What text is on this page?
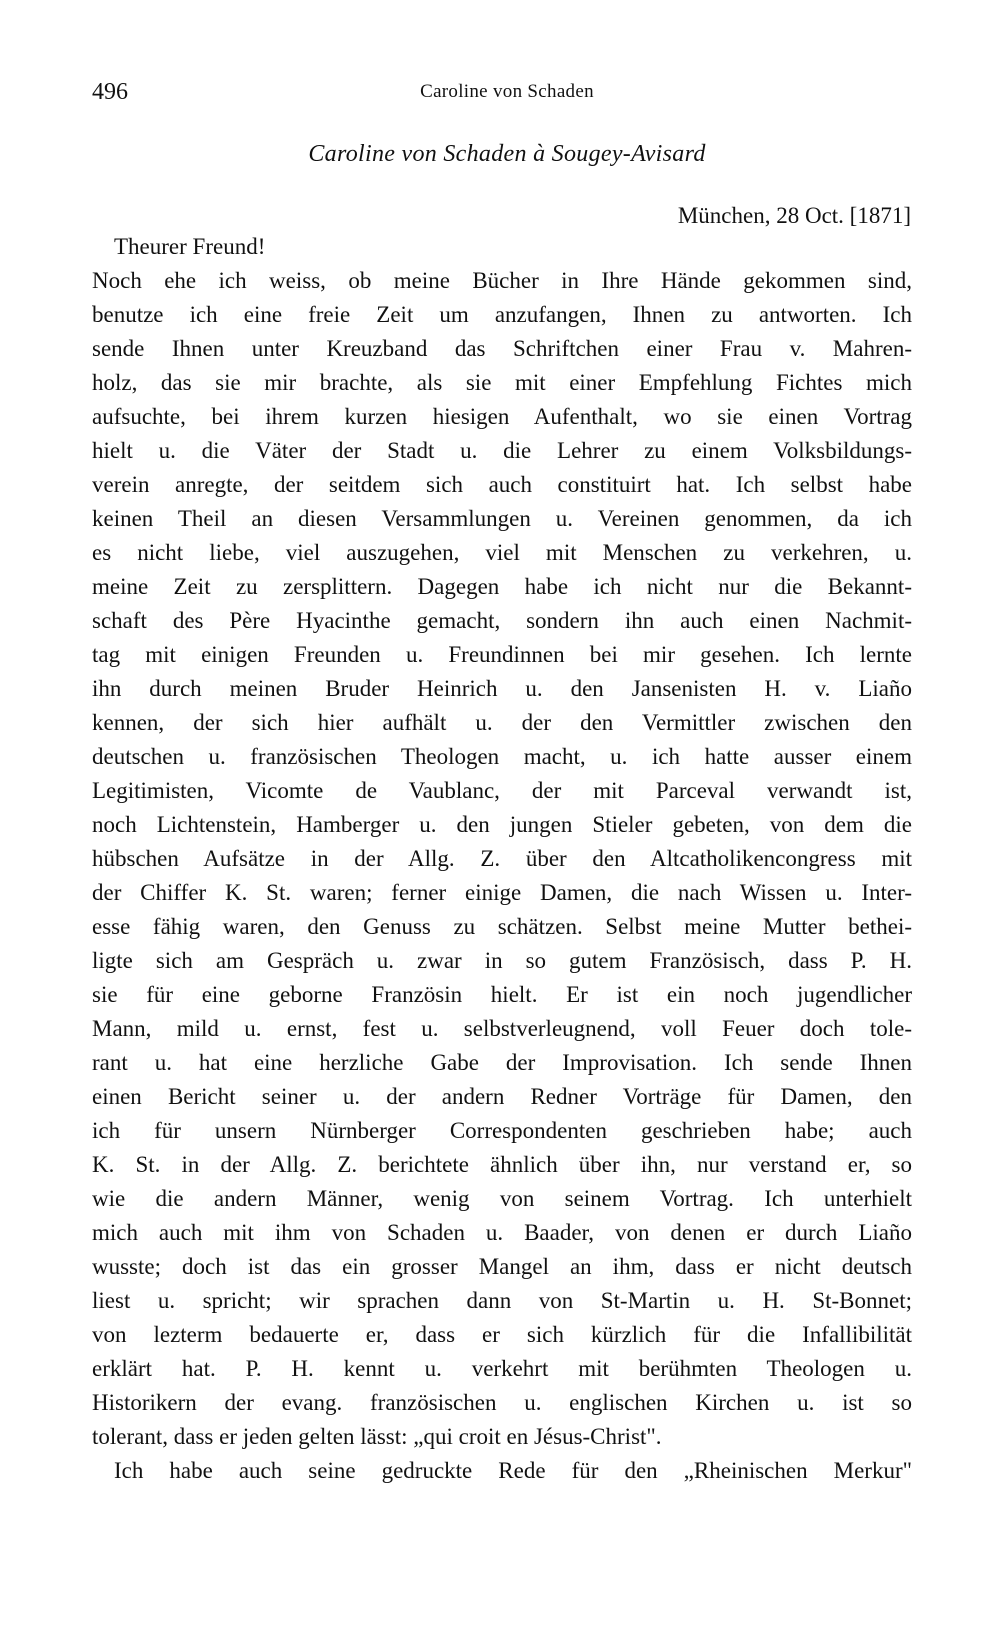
496	Caroline von Schaden
Caroline von Schaden à Sougey-Avisard
München, 28 Oct. [1871]
Theurer Freund!
Noch ehe ich weiss, ob meine Bücher in Ihre Hände gekommen sind,
benutze ich eine freie Zeit um anzufangen, Ihnen zu antworten. Ich
sende Ihnen unter Kreuzband das Schriftchen einer Frau v. Mahren-
holz, das sie mir brachte, als sie mit einer Empfehlung Fichtes mich
aufsuchte, bei ihrem kurzen hiesigen Aufenthalt, wo sie einen Vortrag
hielt u. die Väter der Stadt u. die Lehrer zu einem Volksbildungs-
verein anregte, der seitdem sich auch constituirt hat. Ich selbst habe
keinen Theil an diesen Versammlungen u. Vereinen genommen, da ich
es nicht liebe, viel auszugehen, viel mit Menschen zu verkehren, u.
meine Zeit zu zersplittern. Dagegen habe ich nicht nur die Bekannt-
schaft des Père Hyacinthe gemacht, sondern ihn auch einen Nachmit-
tag mit einigen Freunden u. Freundinnen bei mir gesehen. Ich lernte
ihn durch meinen Bruder Heinrich u. den Jansenisten H. v. Liaño
kennen, der sich hier aufhält u. der den Vermittler zwischen den
deutschen u. französischen Theologen macht, u. ich hatte ausser einem
Legitimisten, Vicomte de Vaublanc, der mit Parceval verwandt ist,
noch Lichtenstein, Hamberger u. den jungen Stieler gebeten, von dem die
hübschen Aufsätze in der Allg. Z. über den Altcatholikencongress mit
der Chiffer K. St. waren; ferner einige Damen, die nach Wissen u. Inter-
esse fähig waren, den Genuss zu schätzen. Selbst meine Mutter bethei-
ligte sich am Gespräch u. zwar in so gutem Französisch, dass P. H.
sie für eine geborne Französin hielt. Er ist ein noch jugendlicher
Mann, mild u. ernst, fest u. selbstverleugnend, voll Feuer doch tole-
rant u. hat eine herzliche Gabe der Improvisation. Ich sende Ihnen
einen Bericht seiner u. der andern Redner Vorträge für Damen, den
ich für unsern Nürnberger Correspondenten geschrieben habe; auch
K. St. in der Allg. Z. berichtete ähnlich über ihn, nur verstand er, so
wie die andern Männer, wenig von seinem Vortrag. Ich unterhielt
mich auch mit ihm von Schaden u. Baader, von denen er durch Liaño
wusste; doch ist das ein grosser Mangel an ihm, dass er nicht deutsch
liest u. spricht; wir sprachen dann von St-Martin u. H. St-Bonnet;
von lezterm bedauerte er, dass er sich kürzlich für die Infallibilität
erklärt hat. P. H. kennt u. verkehrt mit berühmten Theologen u.
Historikern der evang. französischen u. englischen Kirchen u. ist so
tolerant, dass er jeden gelten lässt: „qui croit en Jésus-Christ".
Ich habe auch seine gedruckte Rede für den „Rheinischen Merkur"
